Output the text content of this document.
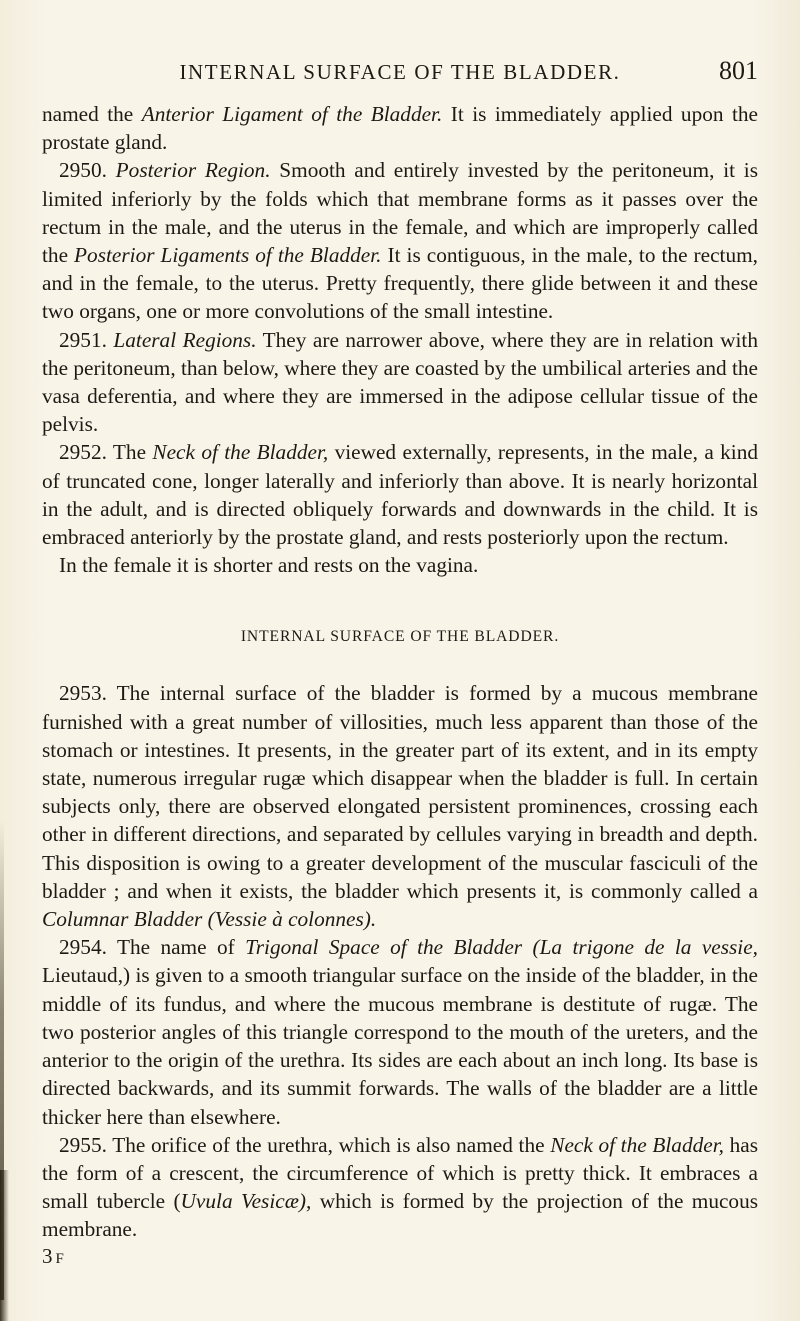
INTERNAL SURFACE OF THE BLADDER.	801

named the Anterior Ligament of the Bladder. It is immediately applied upon the prostate gland.

2950. Posterior Region. Smooth and entirely invested by the peritoneum, it is limited inferiorly by the folds which that membrane forms as it passes over the rectum in the male, and the uterus in the female, and which are improperly called the Posterior Ligaments of the Bladder. It is contiguous, in the male, to the rectum, and in the female, to the uterus. Pretty frequently, there glide between it and these two organs, one or more convolutions of the small intestine.

2951. Lateral Regions. They are narrower above, where they are in relation with the peritoneum, than below, where they are coasted by the umbilical arteries and the vasa deferentia, and where they are immersed in the adipose cellular tissue of the pelvis.

2952. The Neck of the Bladder, viewed externally, represents, in the male, a kind of truncated cone, longer laterally and inferiorly than above. It is nearly horizontal in the adult, and is directed obliquely forwards and downwards in the child. It is embraced anteriorly by the prostate gland, and rests posteriorly upon the rectum.

In the female it is shorter and rests on the vagina.

INTERNAL SURFACE OF THE BLADDER.

2953. The internal surface of the bladder is formed by a mucous membrane furnished with a great number of villosities, much less apparent than those of the stomach or intestines. It presents, in the greater part of its extent, and in its empty state, numerous irregular rugæ which disappear when the bladder is full. In certain subjects only, there are observed elongated persistent prominences, crossing each other in different directions, and separated by cellules varying in breadth and depth. This disposition is owing to a greater development of the muscular fasciculi of the bladder ; and when it exists, the bladder which presents it, is commonly called a Columnar Bladder (Vessie à colonnes).

2954. The name of Trigonal Space of the Bladder (La trigone de la vessie, Lieutaud,) is given to a smooth triangular surface on the inside of the bladder, in the middle of its fundus, and where the mucous membrane is destitute of rugæ. The two posterior angles of this triangle correspond to the mouth of the ureters, and the anterior to the origin of the urethra. Its sides are each about an inch long. Its base is directed backwards, and its summit forwards. The walls of the bladder are a little thicker here than elsewhere.

2955. The orifice of the urethra, which is also named the Neck of the Bladder, has the form of a crescent, the circumference of which is pretty thick. It embraces a small tubercle (Uvula Vesicæ), which is formed by the projection of the mucous membrane.

3 F
